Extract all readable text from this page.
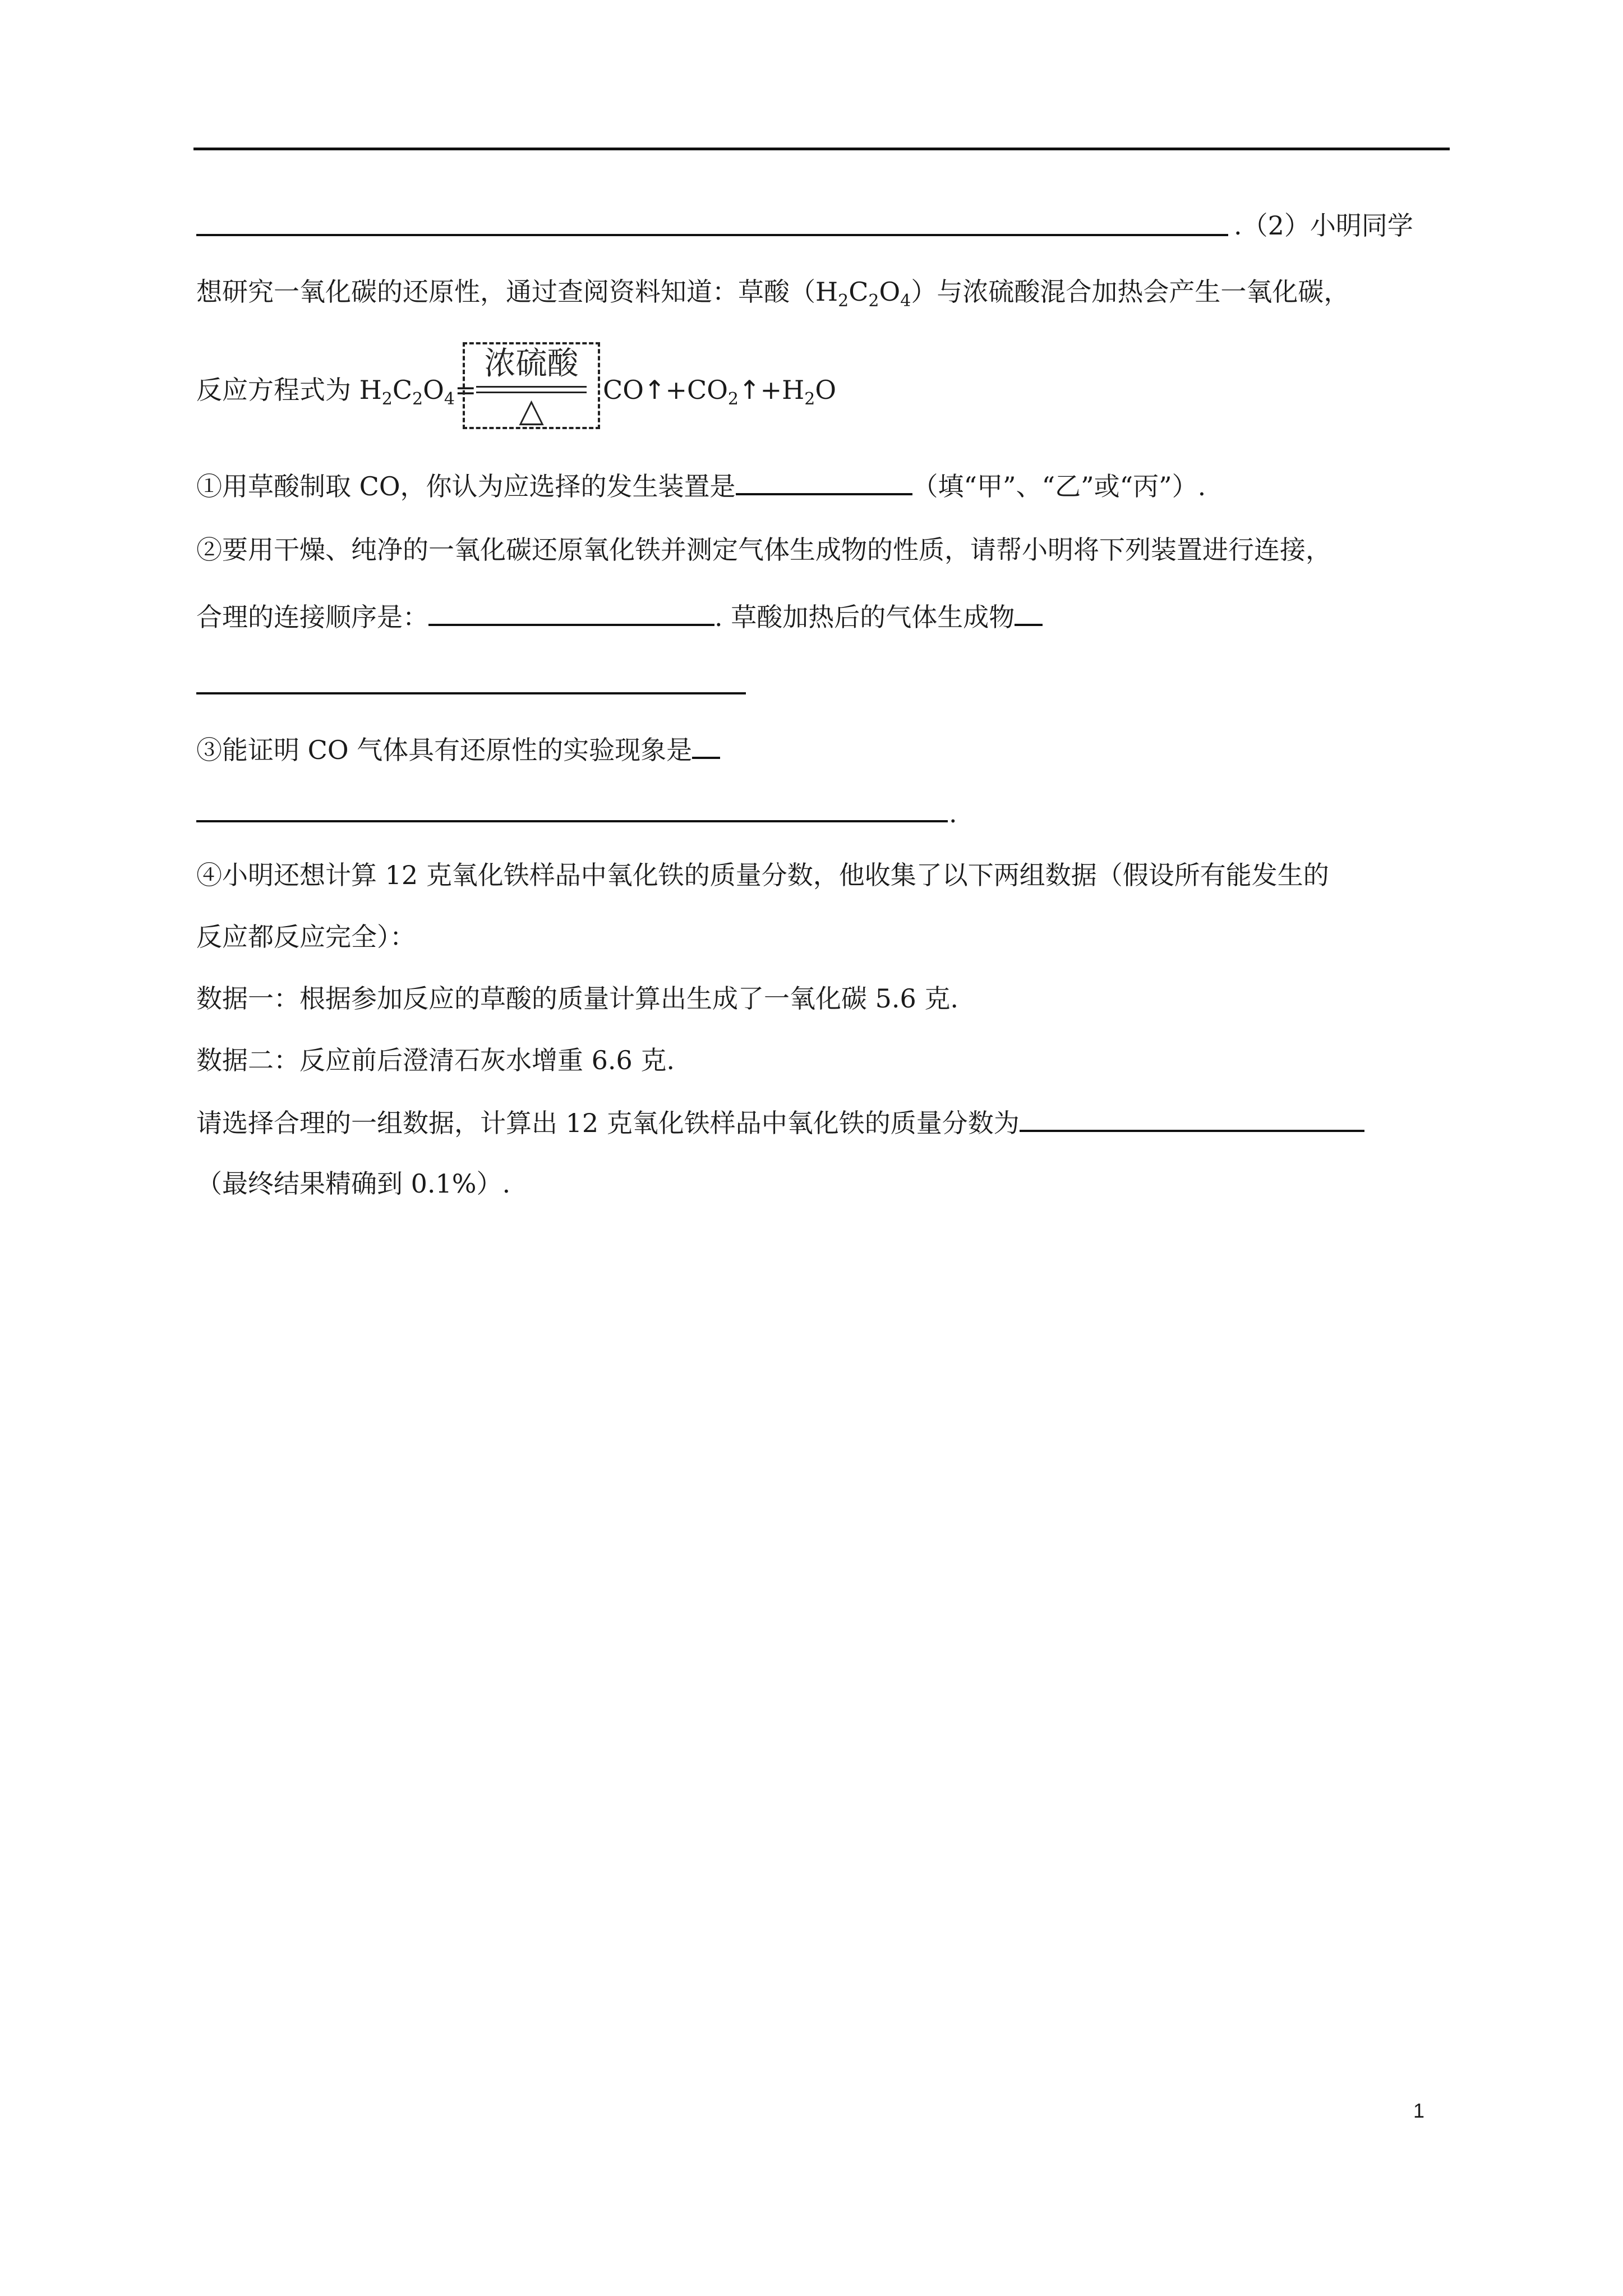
.（2）小明同学
想研究一氧化碳的还原性，通过查阅资料知道：草酸$(H_2C_2O_4)$与浓硫酸混合加热会产生一氧化碳，
反应方程式为 $H_2C_2O_4=$
浓硫酸
△
$CO↑+CO_2↑+H_2O$
①用草酸制取 CO，你认为应选择的发生装置是	（填“甲”、“乙”或“丙”）.
②要用干燥、纯净的一氧化碳还原氧化铁并测定气体生成物的性质，请帮小明将下列装置进行连接，
合理的连接顺序是：	. 草酸加热后的气体生成物
③能证明 CO 气体具有还原性的实验现象是
.
④小明还想计算 12 克氧化铁样品中氧化铁的质量分数，他收集了以下两组数据（假设所有能发生的
反应都反应完全）：
数据一：根据参加反应的草酸的质量计算出生成了一氧化碳 5.6 克.
数据二：反应前后澄清石灰水增重 6.6 克.
请选择合理的一组数据，计算出 12 克氧化铁样品中氧化铁的质量分数为
（最终结果精确到 0.1%）.
1
